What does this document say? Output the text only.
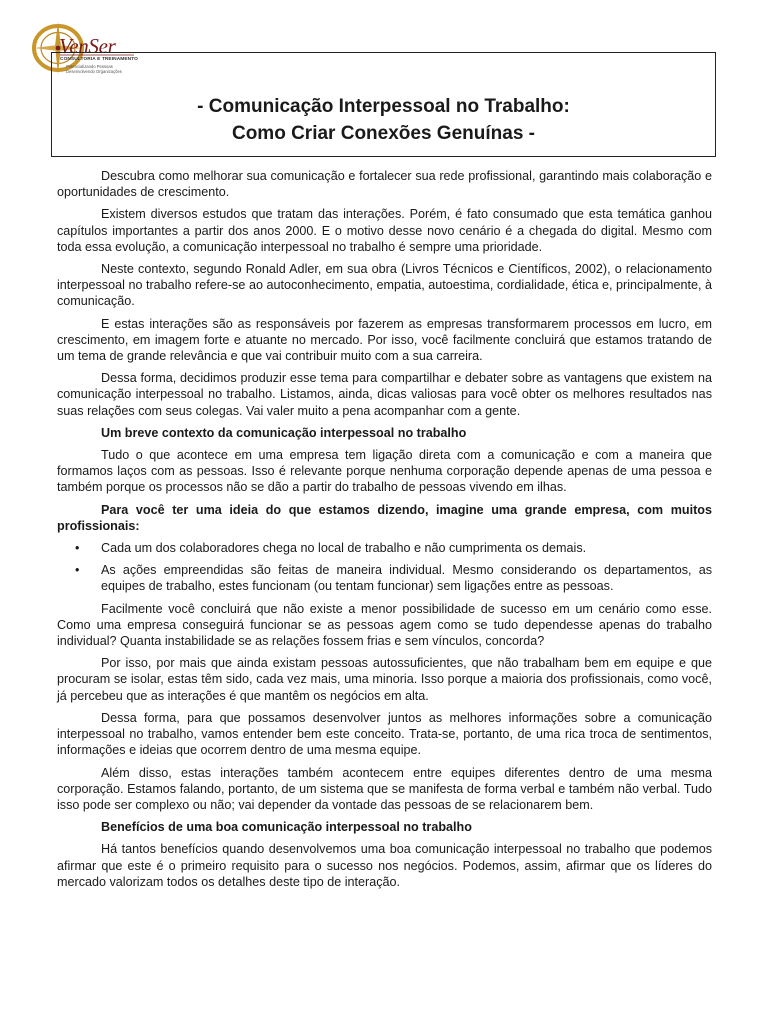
VenSer
CONSULTORIA E TREINAMENTO
Potencializando Pessoas
Desenvolvendo Organizações
- Comunicação Interpessoal no Trabalho:
Como Criar Conexões Genuínas -

Descubra como melhorar sua comunicação e fortalecer sua rede profissional, garantindo mais colaboração e oportunidades de crescimento.

Existem diversos estudos que tratam das interações. Porém, é fato consumado que esta temática ganhou capítulos importantes a partir dos anos 2000. E o motivo desse novo cenário é a chegada do digital. Mesmo com toda essa evolução, a comunicação interpessoal no trabalho é sempre uma prioridade.

Neste contexto, segundo Ronald Adler, em sua obra (Livros Técnicos e Científicos, 2002), o relacionamento interpessoal no trabalho refere-se ao autoconhecimento, empatia, autoestima, cordialidade, ética e, principalmente, à comunicação.

E estas interações são as responsáveis por fazerem as empresas transformarem processos em lucro, em crescimento, em imagem forte e atuante no mercado. Por isso, você facilmente concluirá que estamos tratando de um tema de grande relevância e que vai contribuir muito com a sua carreira.

Dessa forma, decidimos produzir esse tema para compartilhar e debater sobre as vantagens que existem na comunicação interpessoal no trabalho. Listamos, ainda, dicas valiosas para você obter os melhores resultados nas suas relações com seus colegas. Vai valer muito a pena acompanhar com a gente.

Um breve contexto da comunicação interpessoal no trabalho

Tudo o que acontece em uma empresa tem ligação direta com a comunicação e com a maneira que formamos laços com as pessoas. Isso é relevante porque nenhuma corporação depende apenas de uma pessoa e também porque os processos não se dão a partir do trabalho de pessoas vivendo em ilhas.

Para você ter uma ideia do que estamos dizendo, imagine uma grande empresa, com muitos profissionais:

• Cada um dos colaboradores chega no local de trabalho e não cumprimenta os demais.
• As ações empreendidas são feitas de maneira individual. Mesmo considerando os departamentos, as equipes de trabalho, estes funcionam (ou tentam funcionar) sem ligações entre as pessoas.

Facilmente você concluirá que não existe a menor possibilidade de sucesso em um cenário como esse. Como uma empresa conseguirá funcionar se as pessoas agem como se tudo dependesse apenas do trabalho individual? Quanta instabilidade se as relações fossem frias e sem vínculos, concorda?

Por isso, por mais que ainda existam pessoas autossuficientes, que não trabalham bem em equipe e que procuram se isolar, estas têm sido, cada vez mais, uma minoria. Isso porque a maioria dos profissionais, como você, já percebeu que as interações é que mantêm os negócios em alta.

Dessa forma, para que possamos desenvolver juntos as melhores informações sobre a comunicação interpessoal no trabalho, vamos entender bem este conceito. Trata-se, portanto, de uma rica troca de sentimentos, informações e ideias que ocorrem dentro de uma mesma equipe.

Além disso, estas interações também acontecem entre equipes diferentes dentro de uma mesma corporação. Estamos falando, portanto, de um sistema que se manifesta de forma verbal e também não verbal. Tudo isso pode ser complexo ou não; vai depender da vontade das pessoas de se relacionarem bem.

Benefícios de uma boa comunicação interpessoal no trabalho

Há tantos benefícios quando desenvolvemos uma boa comunicação interpessoal no trabalho que podemos afirmar que este é o primeiro requisito para o sucesso nos negócios. Podemos, assim, afirmar que os líderes do mercado valorizam todos os detalhes deste tipo de interação.
